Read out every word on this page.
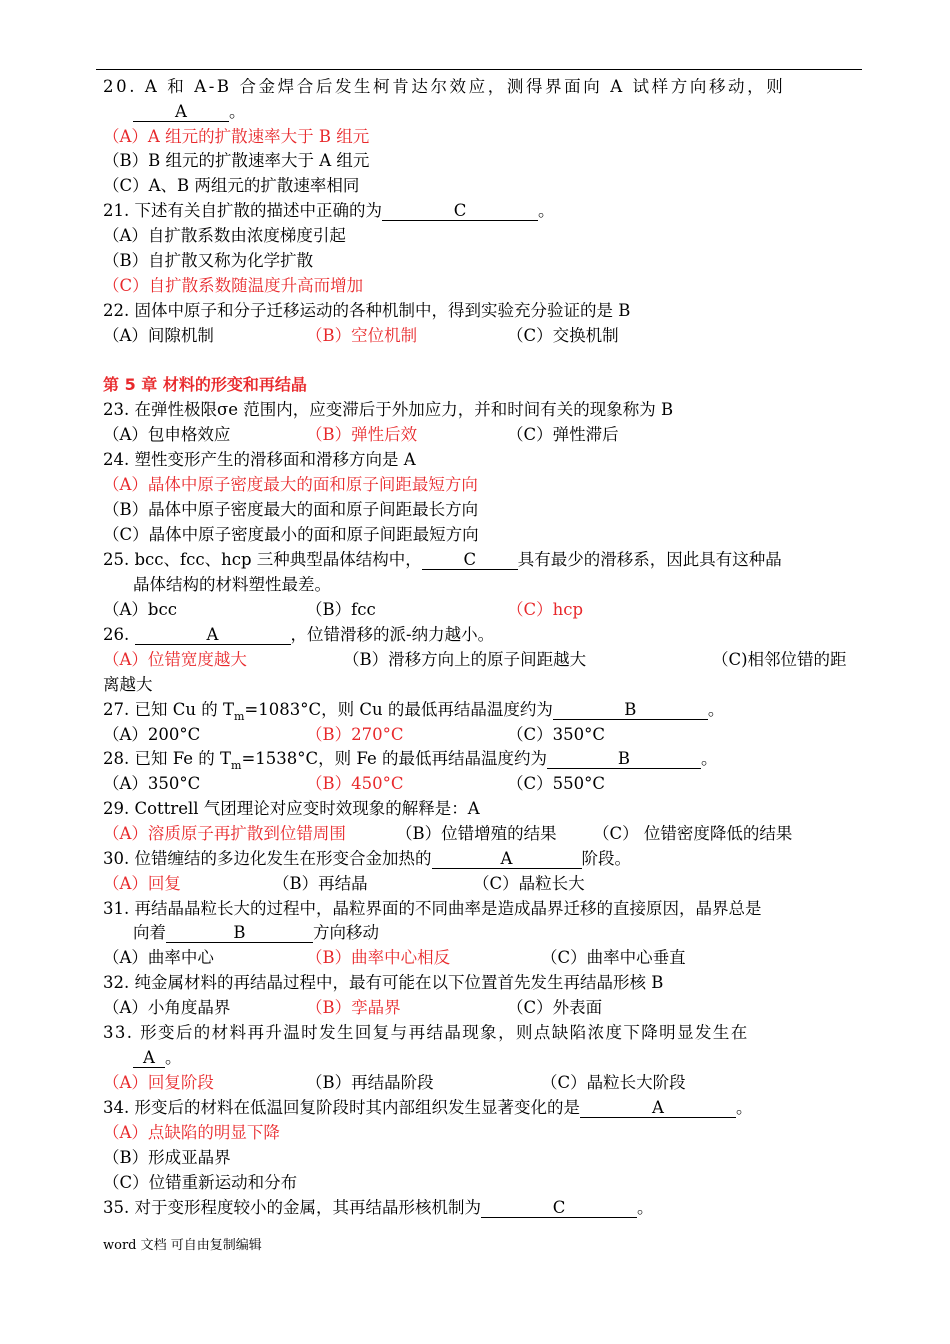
20. A 和 A-B 合金焊合后发生柯肯达尔效应，测得界面向 A 试样方向移动，则
A	。
（A）A 组元的扩散速率大于 B 组元
（B）B 组元的扩散速率大于 A 组元
（C）A、B 两组元的扩散速率相同
21. 下述有关自扩散的描述中正确的为	C	。
（A）自扩散系数由浓度梯度引起
（B）自扩散又称为化学扩散
（C）自扩散系数随温度升高而增加
22. 固体中原子和分子迁移运动的各种机制中，得到实验充分验证的是 B
（A）间隙机制	（B）空位机制	（C）交换机制
第 5 章 材料的形变和再结晶
23. 在弹性极限σe 范围内，应变滞后于外加应力，并和时间有关的现象称为 B
（A）包申格效应	（B）弹性后效	（C）弹性滞后
24. 塑性变形产生的滑移面和滑移方向是 A
（A）晶体中原子密度最大的面和原子间距最短方向
（B）晶体中原子密度最大的面和原子间距最长方向
（C）晶体中原子密度最小的面和原子间距最短方向
25. bcc、fcc、hcp 三种典型晶体结构中，	C	具有最少的滑移系，因此具有这种晶
晶体结构的材料塑性最差。
（A）bcc	（B）fcc	（C）hcp
26.	A	，位错滑移的派-纳力越小。
（A）位错宽度越大	（B）滑移方向上的原子间距越大	（C)相邻位错的距
离越大
27. 已知 Cu 的 $T_m=1083^\circ C$，则 Cu 的最低再结晶温度约为	B	。
（A）200°C	（B）270°C	（C）350°C
28. 已知 Fe 的 $T_m=1538^\circ C$，则 Fe 的最低再结晶温度约为	B	。
（A）350°C	（B）450°C	（C）550°C
29. Cottrell 气团理论对应变时效现象的解释是：A
（A）溶质原子再扩散到位错周围	（B）位错增殖的结果 （C） 位错密度降低的结果
30. 位错缠结的多边化发生在形变合金加热的	A	阶段。
（A）回复	（B）再结晶	（C）晶粒长大
31. 再结晶晶粒长大的过程中，晶粒界面的不同曲率是造成晶界迁移的直接原因，晶界总是
向着	B	方向移动
（A）曲率中心	（B）曲率中心相反	（C）曲率中心垂直
32. 纯金属材料的再结晶过程中，最有可能在以下位置首先发生再结晶形核 B
（A）小角度晶界	（B）孪晶界	（C）外表面
33. 形变后的材料再升温时发生回复与再结晶现象，则点缺陷浓度下降明显发生在
A 。
（A）回复阶段	（B）再结晶阶段	（C）晶粒长大阶段
34. 形变后的材料在低温回复阶段时其内部组织发生显著变化的是	A	。
（A）点缺陷的明显下降
（B）形成亚晶界
（C）位错重新运动和分布
35. 对于变形程度较小的金属，其再结晶形核机制为	C	。
word 文档 可自由复制编辑
